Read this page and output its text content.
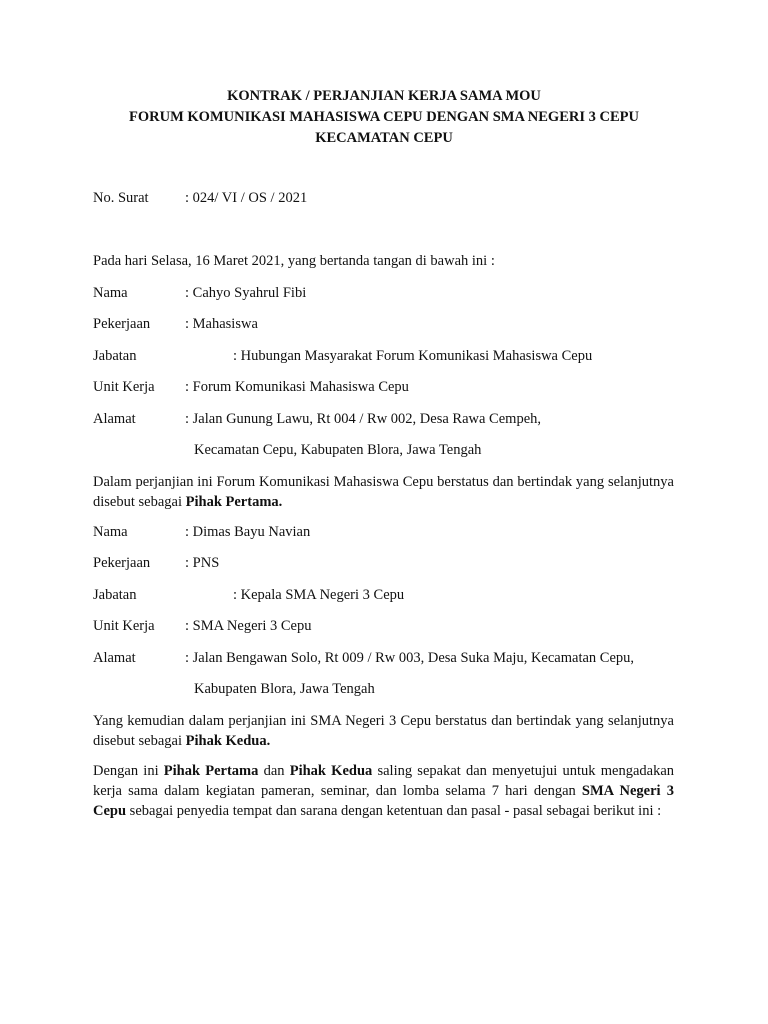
KONTRAK / PERJANJIAN KERJA SAMA MOU
FORUM KOMUNIKASI MAHASISWA CEPU DENGAN SMA NEGERI 3 CEPU
KECAMATAN CEPU
No. Surat	: 024/ VI / OS / 2021
Pada hari Selasa, 16 Maret 2021, yang bertanda tangan di bawah ini :
Nama	: Cahyo Syahrul Fibi
Pekerjaan : Mahasiswa
Jabatan	: Hubungan Masyarakat Forum Komunikasi Mahasiswa Cepu
Unit Kerja : Forum Komunikasi Mahasiswa Cepu
Alamat	: Jalan Gunung Lawu, Rt 004 / Rw 002, Desa Rawa Cempeh,
Kecamatan Cepu, Kabupaten Blora, Jawa Tengah
Dalam perjanjian ini Forum Komunikasi Mahasiswa Cepu berstatus dan bertindak yang selanjutnya disebut sebagai Pihak Pertama.
Nama	: Dimas Bayu Navian
Pekerjaan : PNS
Jabatan	: Kepala SMA Negeri 3 Cepu
Unit Kerja : SMA Negeri 3 Cepu
Alamat	: Jalan Bengawan Solo, Rt 009 / Rw 003, Desa Suka Maju, Kecamatan Cepu,
Kabupaten Blora, Jawa Tengah
Yang kemudian dalam perjanjian ini SMA Negeri 3 Cepu berstatus dan bertindak yang selanjutnya disebut sebagai Pihak Kedua.
Dengan ini Pihak Pertama dan Pihak Kedua saling sepakat dan menyetujui untuk mengadakan kerja sama dalam kegiatan pameran, seminar, dan lomba selama 7 hari dengan SMA Negeri 3 Cepu sebagai penyedia tempat dan sarana dengan ketentuan dan pasal - pasal sebagai berikut ini :
